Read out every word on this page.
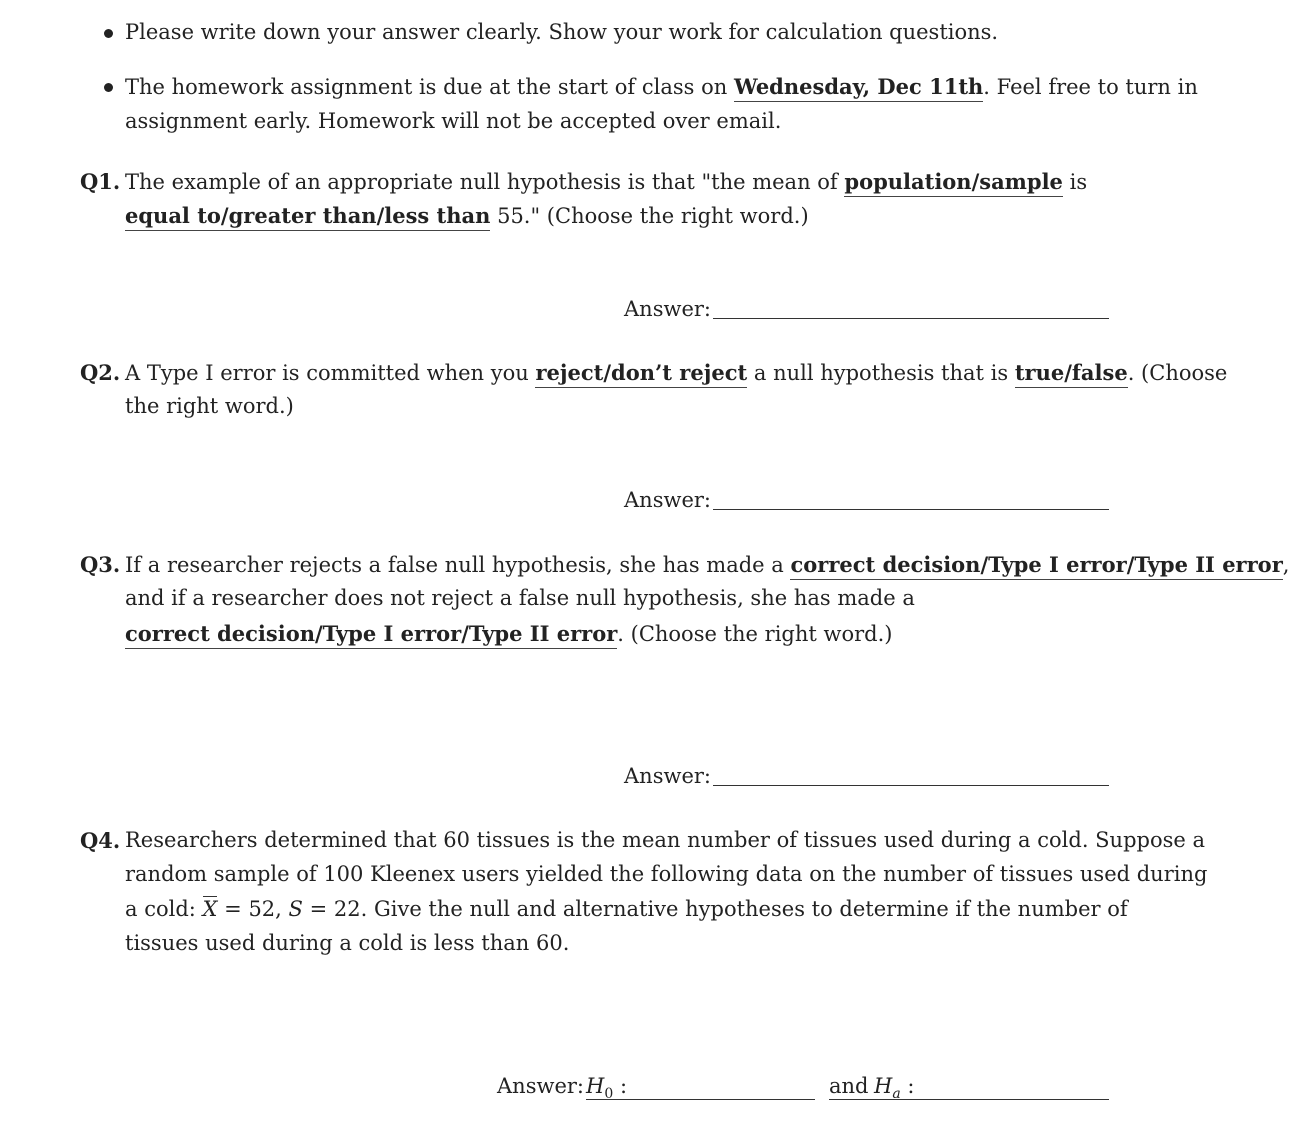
Please write down your answer clearly. Show your work for calculation questions.
The homework assignment is due at the start of class on Wednesday, Dec 11th. Feel free to turn in
assignment early. Homework will not be accepted over email.
Q1. The example of an appropriate null hypothesis is that "the mean of population/sample is
equal to/greater than/less than 55." (Choose the right word.)
Answer:
Q2. A Type I error is committed when you reject/don’t reject a null hypothesis that is true/false. (Choose
the right word.)
Answer:
Q3. If a researcher rejects a false null hypothesis, she has made a correct decision/Type I error/Type II error,
and if a researcher does not reject a false null hypothesis, she has made a
correct decision/Type I error/Type II error. (Choose the right word.)
Answer:
Q4. Researchers determined that 60 tissues is the mean number of tissues used during a cold. Suppose a
random sample of 100 Kleenex users yielded the following data on the number of tissues used during
a cold: X = 52, S = 22. Give the null and alternative hypotheses to determine if the number of
tissues used during a cold is less than 60.
Answer: $H_0$ :	and $H_a$ :
